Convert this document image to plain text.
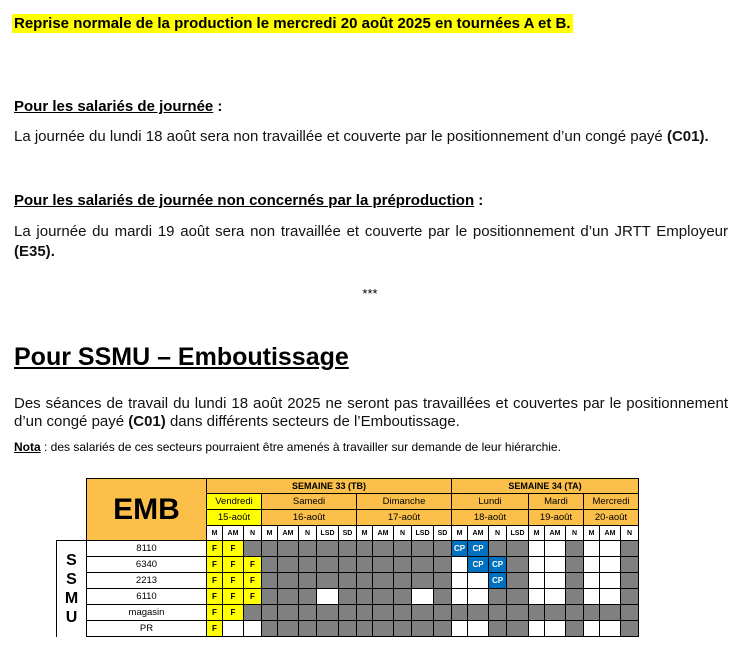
Reprise normale de la production le mercredi 20 août 2025 en tournées A et B.
Pour les salariés de journée :
La journée du lundi 18 août sera non travaillée et couverte par le positionnement d’un congé payé (C01).
Pour les salariés de journée non concernés par la préproduction :
La journée du mardi 19 août sera non travaillée et couverte par le positionnement d’un JRTT Employeur (E35).
***
Pour SSMU – Emboutissage
Des séances de travail du lundi 18 août 2025 ne seront pas travaillées et couvertes par le positionnement d’un congé payé (C01) dans différents secteurs de l’Emboutissage.
Nota : des salariés de ces secteurs pourraient être amenés à travailler sur demande de leur hiérarchie.
	EMB	SEMAINE 33 (TB)													SEMAINE 34 (TA)									
		Vendredi			Samedi					Dimanche					Lundi				Mardi			Mercredi		
		15-août			16-août					17-août					18-août				19-août			20-août		
		M	AM	N	M	AM	N	LSD	SD	M	AM	N	LSD	SD	M	AM	N	LSD	M	AM	N	M	AM	N

S
S
M
U	8110	F	F												CP	CP								
	6340	F	F	F												CP	CP							
	2213	F	F	F													CP							
	6110	F	F	F																				
	magasin	F	F																					
	PR	F																						
